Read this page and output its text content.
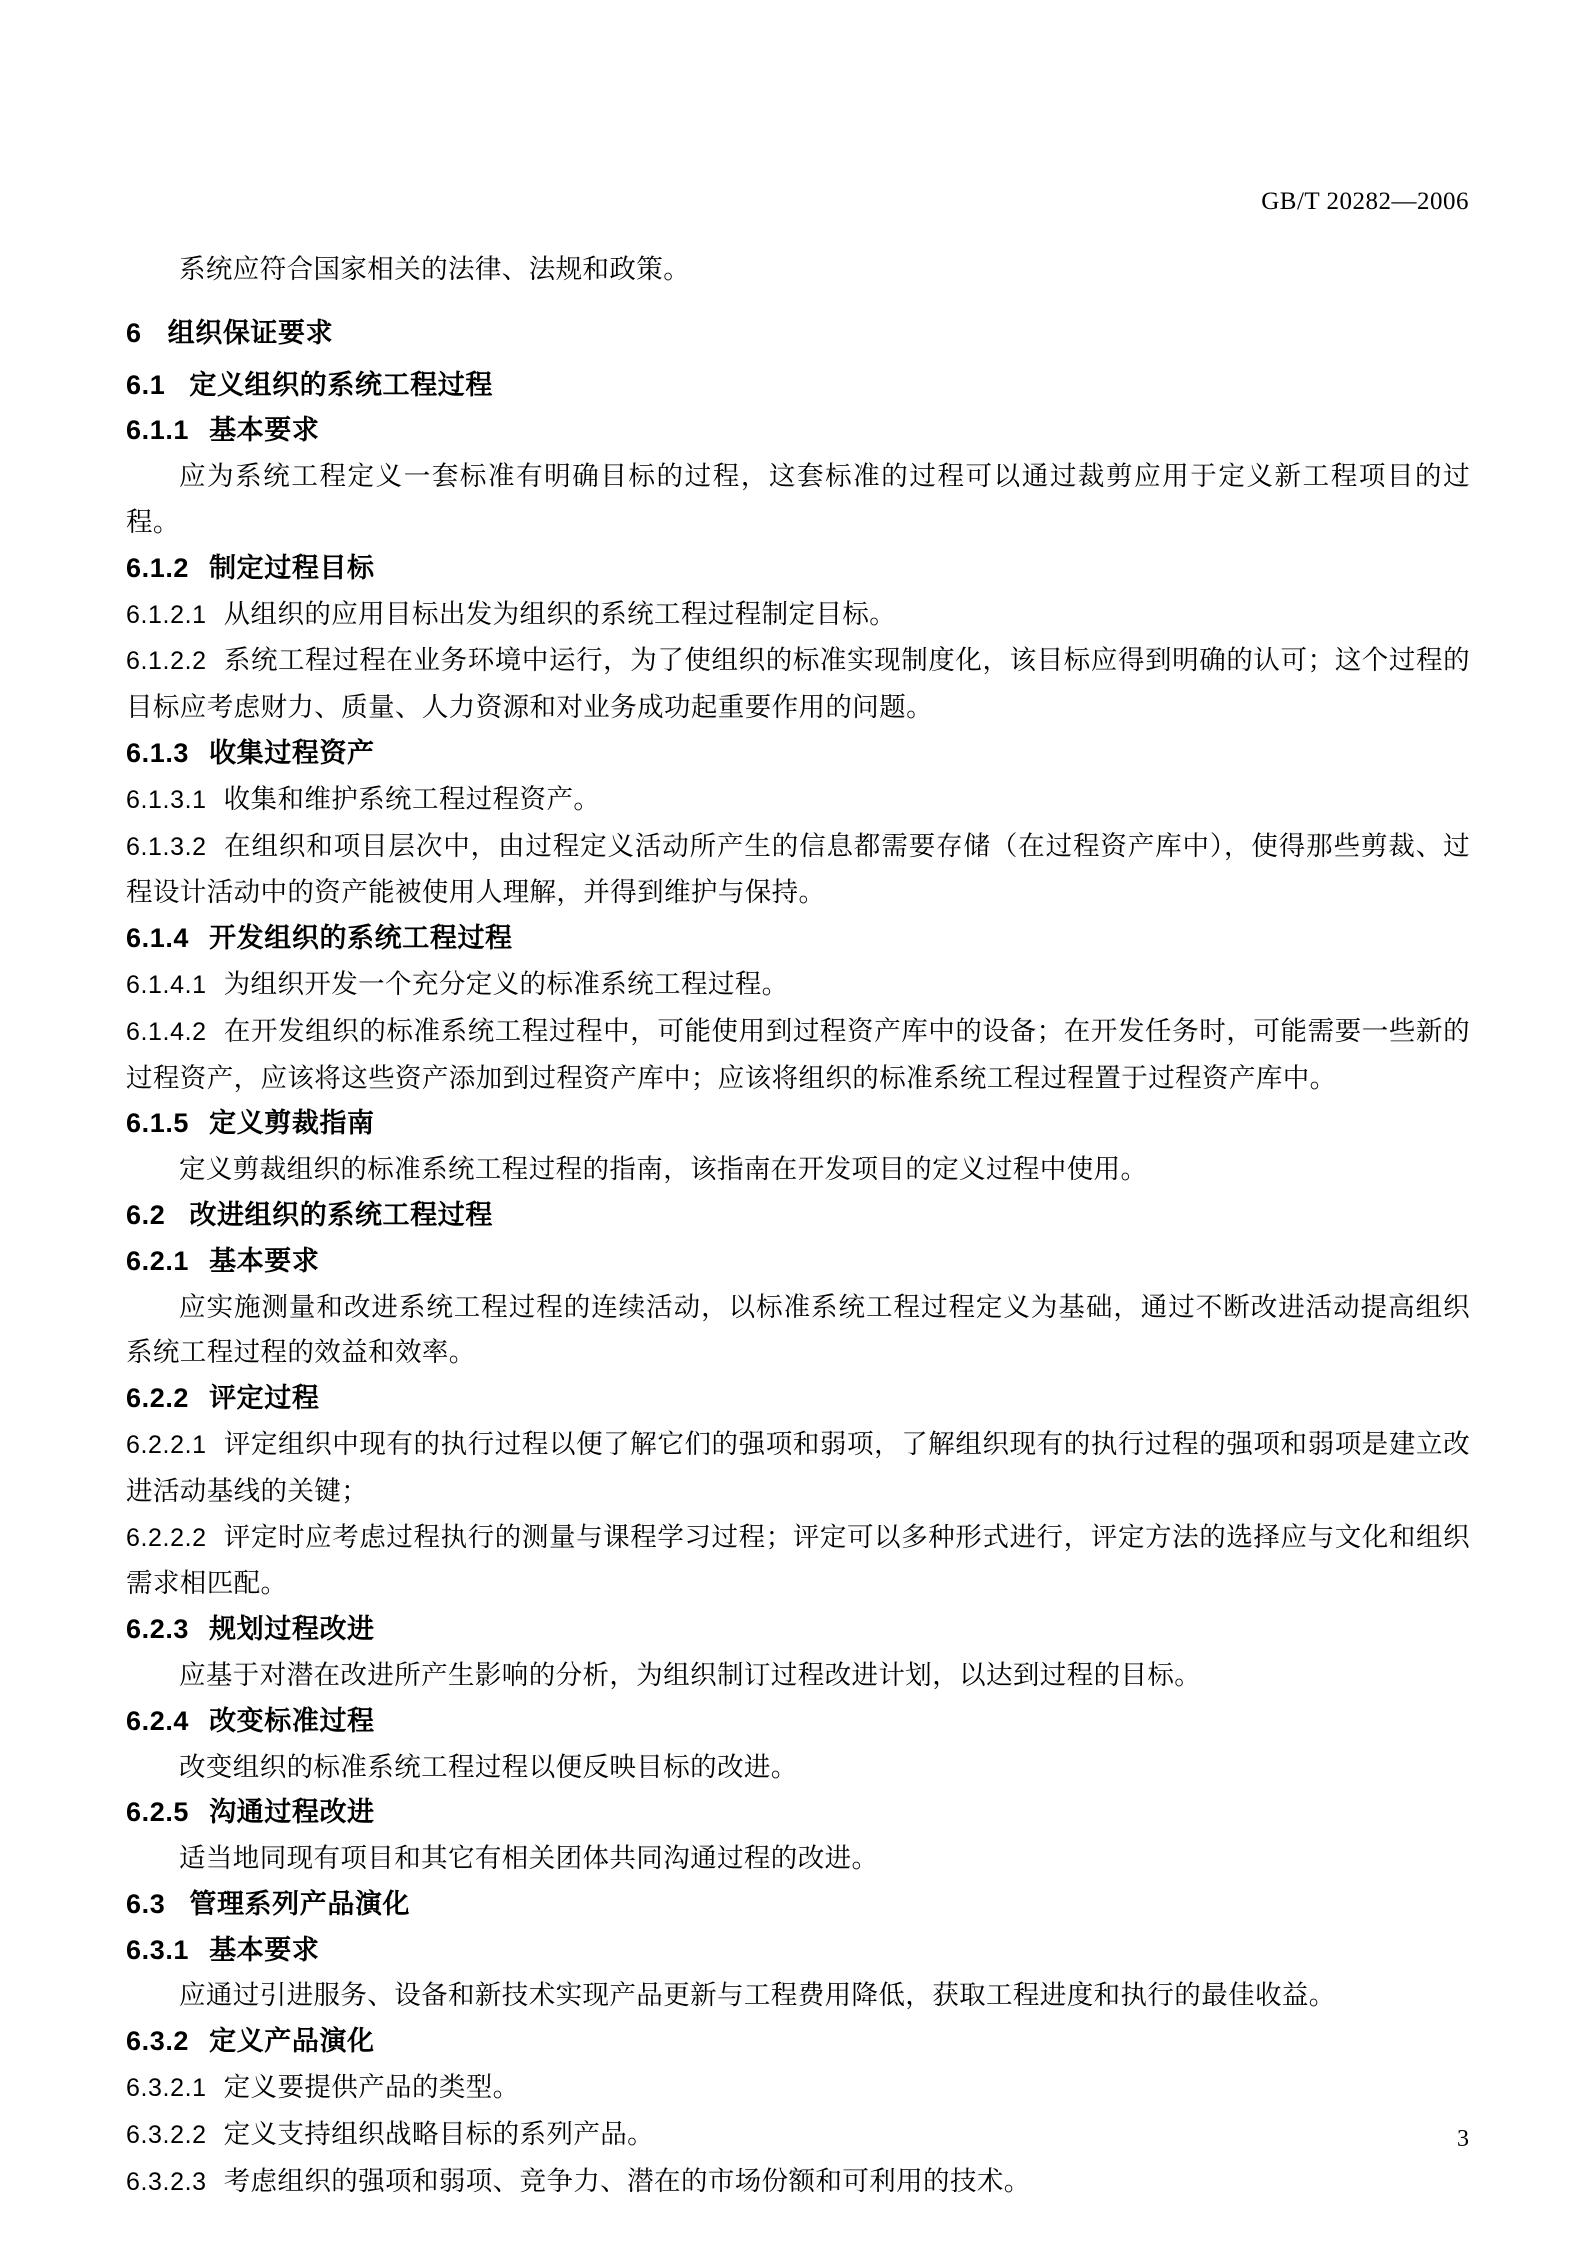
GB/T 20282—2006

系统应符合国家相关的法律、法规和政策。

6 组织保证要求

6.1 定义组织的系统工程过程

6.1.1 基本要求

应为系统工程定义一套标准有明确目标的过程，这套标准的过程可以通过裁剪应用于定义新工程项目的过程。

6.1.2 制定过程目标

6.1.2.1 从组织的应用目标出发为组织的系统工程过程制定目标。

6.1.2.2 系统工程过程在业务环境中运行，为了使组织的标准实现制度化，该目标应得到明确的认可；这个过程的目标应考虑财力、质量、人力资源和对业务成功起重要作用的问题。

6.1.3 收集过程资产

6.1.3.1 收集和维护系统工程过程资产。

6.1.3.2 在组织和项目层次中，由过程定义活动所产生的信息都需要存储（在过程资产库中），使得那些剪裁、过程设计活动中的资产能被使用人理解，并得到维护与保持。

6.1.4 开发组织的系统工程过程

6.1.4.1 为组织开发一个充分定义的标准系统工程过程。

6.1.4.2 在开发组织的标准系统工程过程中，可能使用到过程资产库中的设备；在开发任务时，可能需要一些新的过程资产，应该将这些资产添加到过程资产库中；应该将组织的标准系统工程过程置于过程资产库中。

6.1.5 定义剪裁指南

定义剪裁组织的标准系统工程过程的指南，该指南在开发项目的定义过程中使用。

6.2 改进组织的系统工程过程

6.2.1 基本要求

应实施测量和改进系统工程过程的连续活动，以标准系统工程过程定义为基础，通过不断改进活动提高组织系统工程过程的效益和效率。

6.2.2 评定过程

6.2.2.1 评定组织中现有的执行过程以便了解它们的强项和弱项，了解组织现有的执行过程的强项和弱项是建立改进活动基线的关键；

6.2.2.2 评定时应考虑过程执行的测量与课程学习过程；评定可以多种形式进行，评定方法的选择应与文化和组织需求相匹配。

6.2.3 规划过程改进

应基于对潜在改进所产生影响的分析，为组织制订过程改进计划，以达到过程的目标。

6.2.4 改变标准过程

改变组织的标准系统工程过程以便反映目标的改进。

6.2.5 沟通过程改进

适当地同现有项目和其它有相关团体共同沟通过程的改进。

6.3 管理系列产品演化

6.3.1 基本要求

应通过引进服务、设备和新技术实现产品更新与工程费用降低，获取工程进度和执行的最佳收益。

6.3.2 定义产品演化

6.3.2.1 定义要提供产品的类型。

6.3.2.2 定义支持组织战略目标的系列产品。

6.3.2.3 考虑组织的强项和弱项、竞争力、潜在的市场份额和可利用的技术。

3
